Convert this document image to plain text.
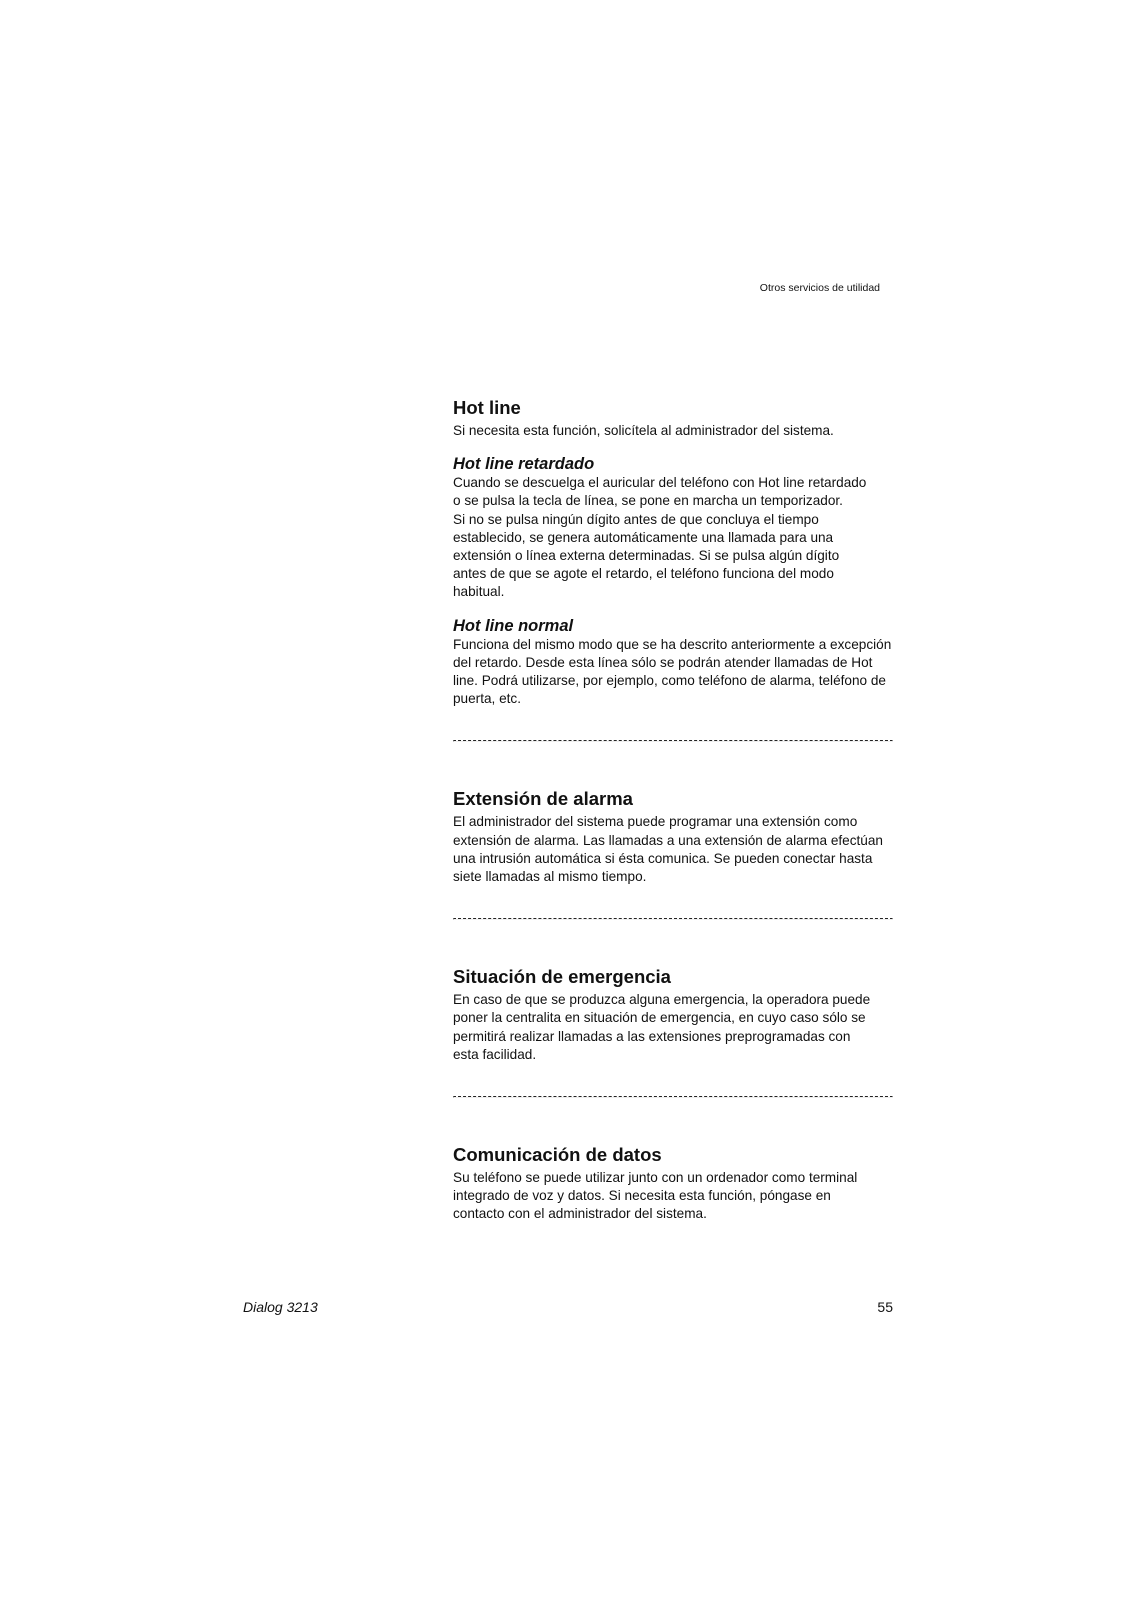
Otros servicios de utilidad
Hot line

Si necesita esta función, solicítela al administrador del sistema.

Hot line retardado

Cuando se descuelga el auricular del teléfono con Hot line retardado
o se pulsa la tecla de línea, se pone en marcha un temporizador.
Si no se pulsa ningún dígito antes de que concluya el tiempo
establecido, se genera automáticamente una llamada para una
extensión o línea externa determinadas. Si se pulsa algún dígito
antes de que se agote el retardo, el teléfono funciona del modo
habitual.

Hot line normal

Funciona del mismo modo que se ha descrito anteriormente a excepción
del retardo. Desde esta línea sólo se podrán atender llamadas de Hot
line. Podrá utilizarse, por ejemplo, como teléfono de alarma, teléfono de
puerta, etc.

Extensión de alarma

El administrador del sistema puede programar una extensión como
extensión de alarma. Las llamadas a una extensión de alarma efectúan
una intrusión automática si ésta comunica. Se pueden conectar hasta
siete llamadas al mismo tiempo.

Situación de emergencia

En caso de que se produzca alguna emergencia, la operadora puede
poner la centralita en situación de emergencia, en cuyo caso sólo se
permitirá realizar llamadas a las extensiones preprogramadas con
esta facilidad.

Comunicación de datos

Su teléfono se puede utilizar junto con un ordenador como terminal
integrado de voz y datos. Si necesita esta función, póngase en
contacto con el administrador del sistema.

Dialog 3213	55
